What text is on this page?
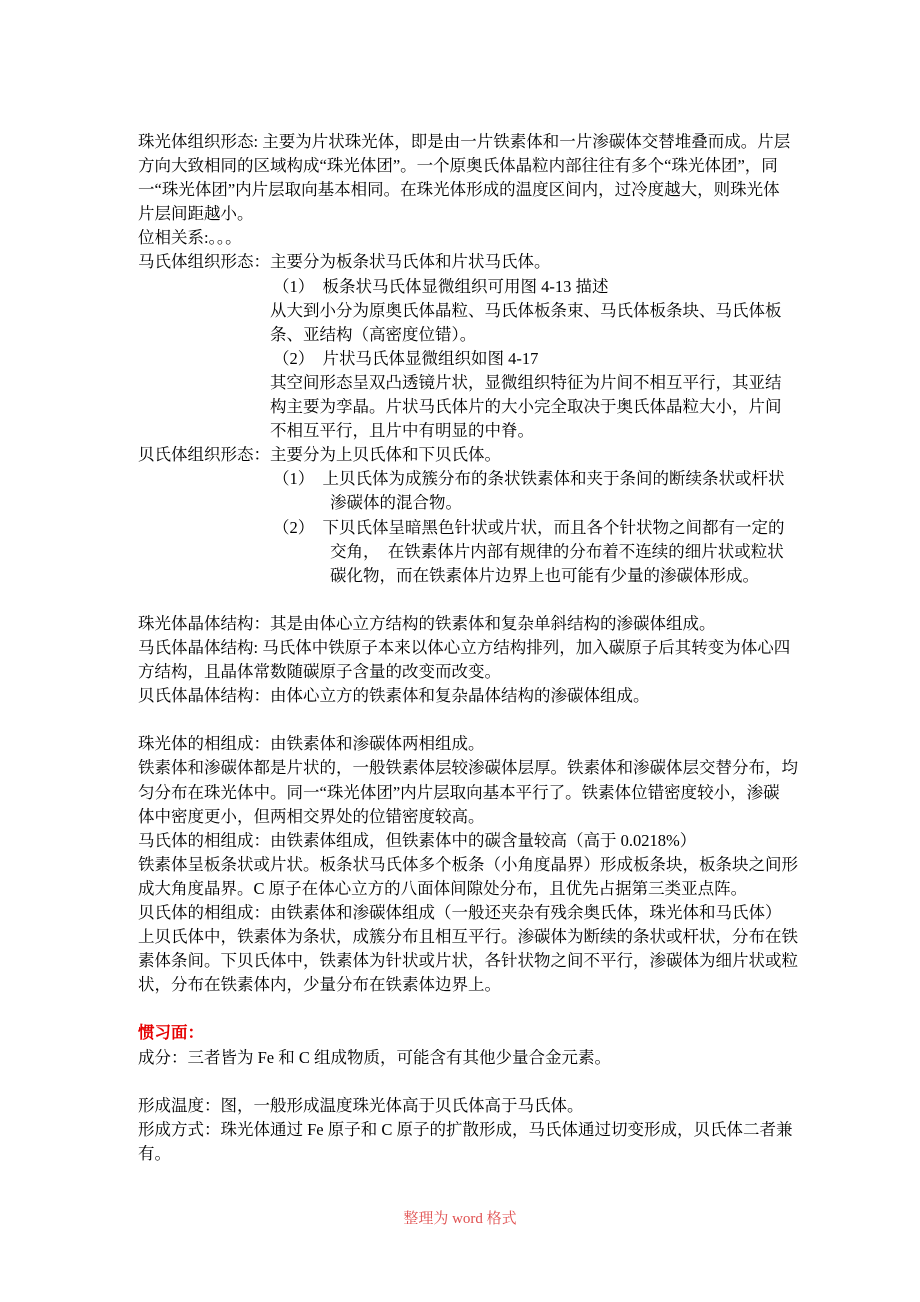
珠光体组织形态: 主要为片状珠光体，即是由一片铁素体和一片渗碳体交替堆叠而成。片层
方向大致相同的区域构成“珠光体团”。一个原奥氏体晶粒内部往往有多个“珠光体团”，同
一“珠光体团”内片层取向基本相同。在珠光体形成的温度区间内，过冷度越大，则珠光体
片层间距越小。
位相关系:。。。
马氏体组织形态：主要分为板条状马氏体和片状马氏体。
（1）　板条状马氏体显微组织可用图 4-13 描述
从大到小分为原奥氏体晶粒、马氏体板条束、马氏体板条块、马氏体板
条、亚结构（高密度位错）。
（2）　片状马氏体显微组织如图 4-17
其空间形态呈双凸透镜片状，显微组织特征为片间不相互平行，其亚结
构主要为孪晶。片状马氏体片的大小完全取决于奥氏体晶粒大小，片间
不相互平行，且片中有明显的中脊。
贝氏体组织形态：主要分为上贝氏体和下贝氏体。
（1）　上贝氏体为成簇分布的条状铁素体和夹于条间的断续条状或杆状
渗碳体的混合物。
（2）　下贝氏体呈暗黑色针状或片状，而且各个针状物之间都有一定的
交角，　在铁素体片内部有规律的分布着不连续的细片状或粒状
碳化物，而在铁素体片边界上也可能有少量的渗碳体形成。

珠光体晶体结构：其是由体心立方结构的铁素体和复杂单斜结构的渗碳体组成。
马氏体晶体结构: 马氏体中铁原子本来以体心立方结构排列，加入碳原子后其转变为体心四
方结构，且晶体常数随碳原子含量的改变而改变。
贝氏体晶体结构：由体心立方的铁素体和复杂晶体结构的渗碳体组成。

珠光体的相组成：由铁素体和渗碳体两相组成。
铁素体和渗碳体都是片状的，一般铁素体层较渗碳体层厚。铁素体和渗碳体层交替分布，均
匀分布在珠光体中。同一“珠光体团”内片层取向基本平行了。铁素体位错密度较小，渗碳
体中密度更小，但两相交界处的位错密度较高。
马氏体的相组成：由铁素体组成，但铁素体中的碳含量较高（高于 0.0218%）
铁素体呈板条状或片状。板条状马氏体多个板条（小角度晶界）形成板条块，板条块之间形
成大角度晶界。C 原子在体心立方的八面体间隙处分布，且优先占据第三类亚点阵。
贝氏体的相组成：由铁素体和渗碳体组成（一般还夹杂有残余奥氏体，珠光体和马氏体）
上贝氏体中，铁素体为条状，成簇分布且相互平行。渗碳体为断续的条状或杆状，分布在铁
素体条间。下贝氏体中，铁素体为针状或片状，各针状物之间不平行，渗碳体为细片状或粒
状，分布在铁素体内，少量分布在铁素体边界上。

惯习面：
成分：三者皆为 Fe 和 C 组成物质，可能含有其他少量合金元素。

形成温度：图，一般形成温度珠光体高于贝氏体高于马氏体。
形成方式：珠光体通过 Fe 原子和 C 原子的扩散形成，马氏体通过切变形成，贝氏体二者兼
有。
整理为 word 格式
